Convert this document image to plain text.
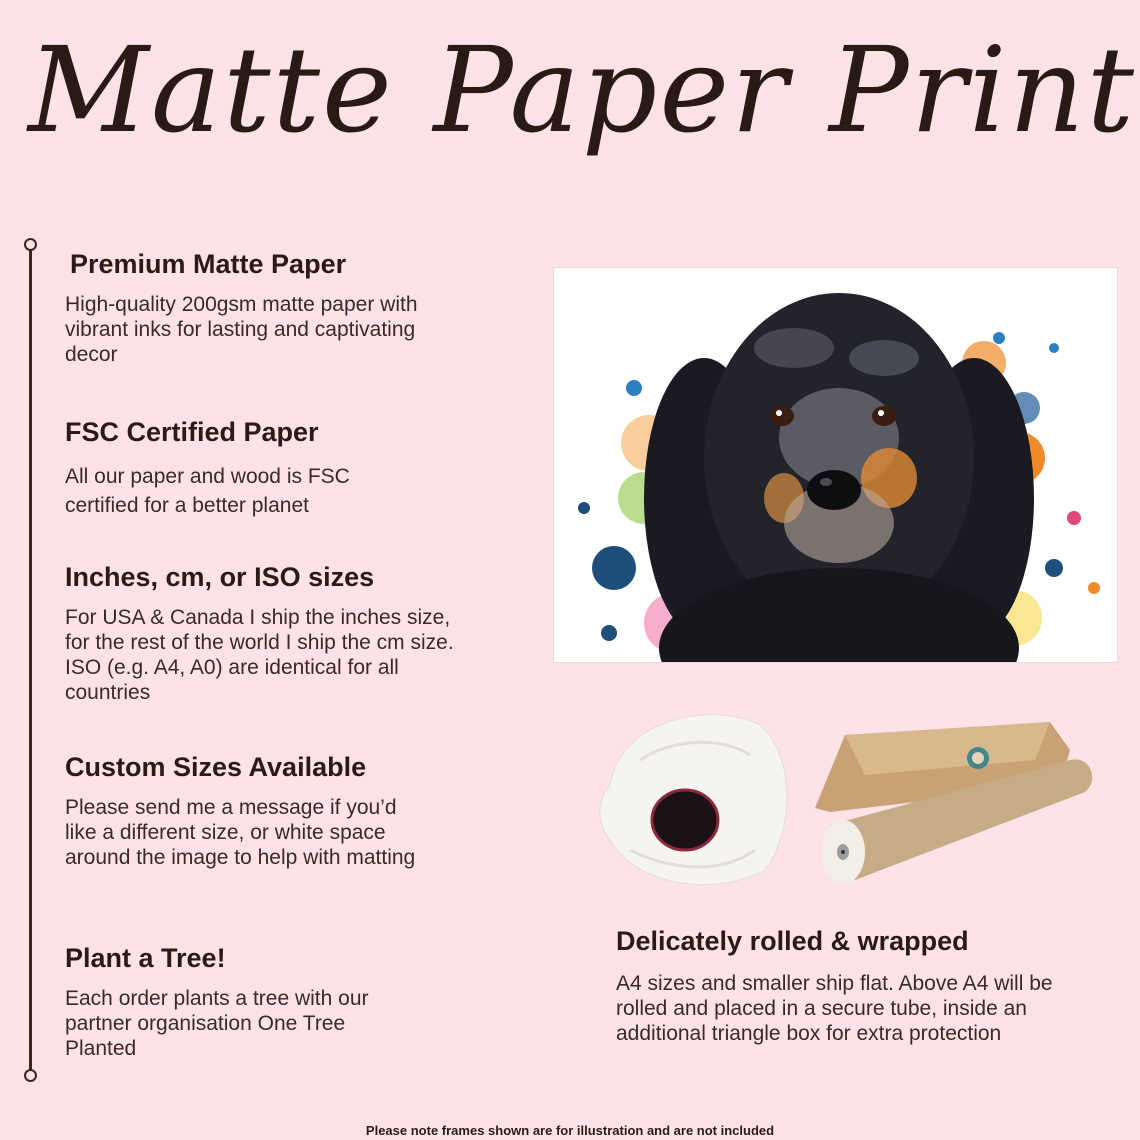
Matte Paper Print
Premium Matte Paper

High-quality 200gsm matte paper with vibrant inks for lasting and captivating decor

FSC Certified Paper

All our paper and wood is FSC certified for a better planet

Inches, cm, or ISO sizes

For USA & Canada I ship the inches size, for the rest of the world I ship the cm size. ISO (e.g. A4, A0) are identical for all countries

Custom Sizes Available

Please send me a message if you’d like a different size, or white space around the image to help with matting

Plant a Tree!

Each order plants a tree with our partner organisation One Tree Planted

Delicately rolled & wrapped

A4 sizes and smaller ship flat. Above A4 will be rolled and placed in a secure tube, inside an additional triangle box for extra protection

Please note frames shown are for illustration and are not included
